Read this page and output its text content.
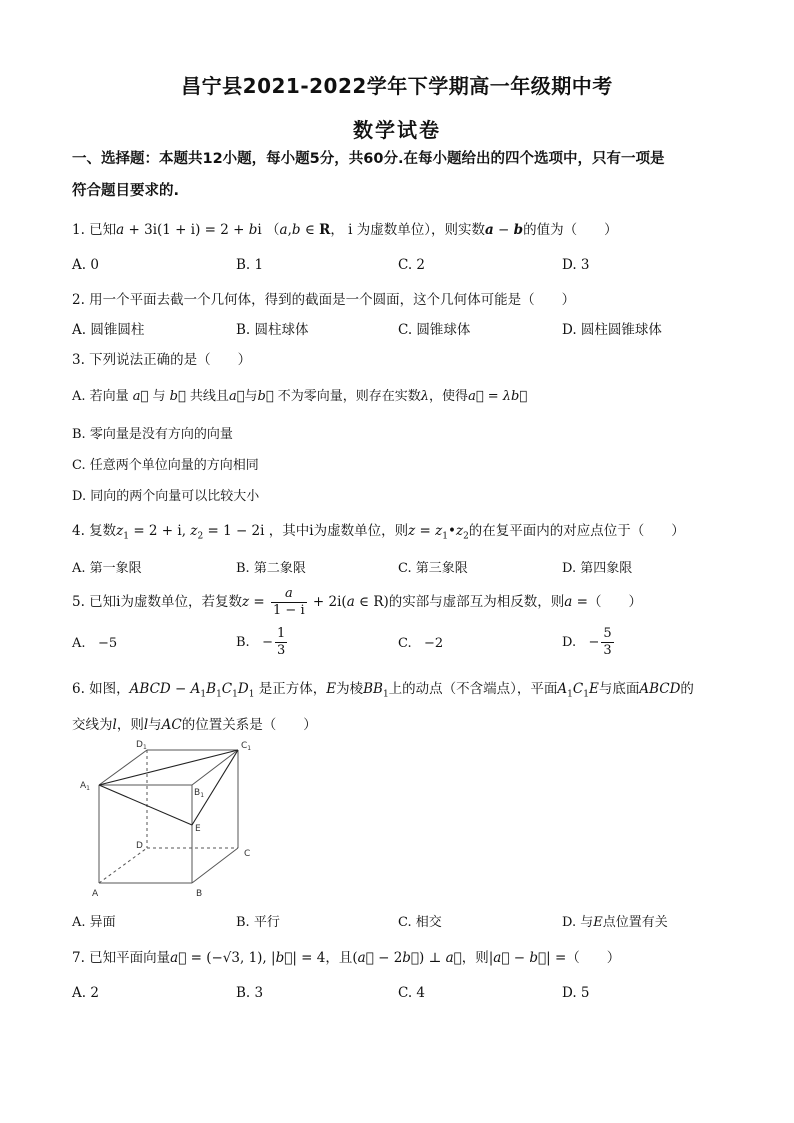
昌宁县2021-2022学年下学期高一年级期中考
数学试卷
一、选择题：本题共12小题，每小题5分，共60分.在每小题给出的四个选项中，只有一项是
符合题目要求的.
1. 已知a + 3i(1 + i) = 2 + bi （a,b ∈ R， i 为虚数单位），则实数a − b的值为（　　）
A. 0	B. 1	C. 2	D. 3
2. 用一个平面去截一个几何体，得到的截面是一个圆面，这个几何体可能是（　　）
A. 圆锥圆柱	B. 圆柱球体	C. 圆锥球体	D. 圆柱圆锥球体
3. 下列说法正确的是（　　）
A. 若向量 a⃗ 与 b⃗ 共线且a⃗与b⃗ 不为零向量，则存在实数λ，使得a⃗ = λb⃗
B. 零向量是没有方向的向量
C. 任意两个单位向量的方向相同
D. 同向的两个向量可以比较大小
4. 复数$z_1 = 2 + i$, $z_2 = 1 - 2i$ ，其中i为虚数单位，则$z = z_1•z_2$的在复平面内的对应点位于（　　）
A. 第一象限	B. 第二象限	C. 第三象限	D. 第四象限
5. 已知i为虚数单位，若复数$z = \frac{a}{1 - i} + 2i(a$ ∈ R)的实部与虚部互为相反数，则a =（　　）
A. −5	B. − $\frac{1}{3}$	C. −2	D. − $\frac{5}{3}$
6. 如图，ABCD − $A_1B_1C_1D_1$ 是正方体，E为棱$BB_1$上的动点（不含端点），平面$A_1C_1E$与底面ABCD的
交线为l，则l与AC的位置关系是（　　）
$D_1$	$C_1$
$A_1$	$B_1$
E
D
C
A	B
A. 异面	B. 平行	C. 相交	D. 与E点位置有关
7. 已知平面向量a⃗ = (−√3, 1), |b⃗| = 4，且(a⃗ − 2b⃗) ⊥ a⃗，则|a⃗ − b⃗| =（　　）
A. 2	B. 3	C. 4	D. 5
